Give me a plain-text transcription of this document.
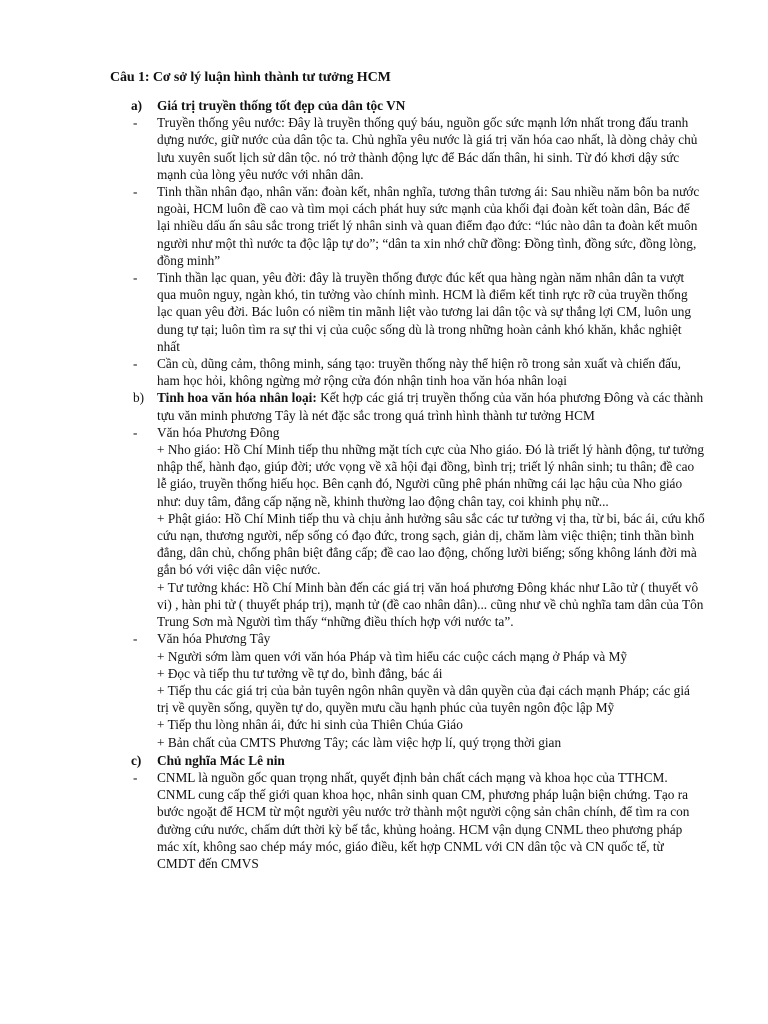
Câu 1: Cơ sở lý luận hình thành tư tưởng HCM
a)	Giá trị truyền thống tốt đẹp của dân tộc VN
-	Truyền thống yêu nước: Đây là truyền thống quý báu, nguồn gốc sức mạnh lớn nhất trong đấu tranh dựng nước, giữ nước của dân tộc ta. Chủ nghĩa yêu nước là giá trị văn hóa cao nhất, là dòng chảy chủ lưu xuyên suốt lịch sử dân tộc. nó trở thành động lực để Bác dấn thân, hi sinh. Từ đó khơi dậy sức mạnh của lòng yêu nước với nhân dân.
-	Tinh thần nhân đạo, nhân văn: đoàn kết, nhân nghĩa, tương thân tương ái: Sau nhiều năm bôn ba nước ngoài, HCM luôn đề cao và tìm mọi cách phát huy sức mạnh của khối đại đoàn kết toàn dân, Bác để lại nhiều dấu ấn sâu sắc trong triết lý nhân sinh và quan điểm đạo đức: “lúc nào dân ta đoàn kết muôn người như một thì nước ta độc lập tự do”; “dân ta xin nhớ chữ đồng: Đồng tình, đồng sức, đồng lòng, đồng minh”
-	Tinh thần lạc quan, yêu đời: đây là truyền thống được đúc kết qua hàng ngàn năm nhân dân ta vượt qua muôn nguy, ngàn khó, tin tưởng vào chính mình. HCM là điểm kết tinh rực rỡ của truyền thống lạc quan yêu đời. Bác luôn có niềm tin mãnh liệt vào tương lai dân tộc và sự thắng lợi CM, luôn ung dung tự tại; luôn tìm ra sự thi vị của cuộc sống dù là trong những hoàn cảnh khó khăn, khắc nghiệt nhất
-	Cần cù, dũng cảm, thông minh, sáng tạo: truyền thống này thể hiện rõ trong sản xuất và chiến đấu, ham học hỏi, không ngừng mở rộng cửa đón nhận tinh hoa văn hóa nhân loại
b) Tinh hoa văn hóa nhân loại: Kết hợp các giá trị truyền thống của văn hóa phương Đông và các thành tựu văn minh phương Tây là nét đặc sắc trong quá trình hình thành tư tưởng HCM
-	Văn hóa Phương Đông
+ Nho giáo: Hồ Chí Minh tiếp thu những mặt tích cực của Nho giáo. Đó là triết lý hành động, tư tưởng nhập thế, hành đạo, giúp đời; ước vọng về xã hội đại đồng, bình trị; triết lý nhân sinh; tu thân; đề cao lễ giáo, truyền thống hiếu học. Bên cạnh đó, Người cũng phê phán những cái lạc hậu của Nho giáo như: duy tâm, đẳng cấp nặng nề, khinh thường lao động chân tay, coi khinh phụ nữ...
+ Phật giáo: Hồ Chí Minh tiếp thu và chịu ảnh hưởng sâu sắc các tư tưởng vị tha, từ bi, bác ái, cứu khổ cứu nạn, thương người, nếp sống có đạo đức, trong sạch, giản dị, chăm làm việc thiện; tinh thần bình đẳng, dân chủ, chống phân biệt đẳng cấp; đề cao lao động, chống lười biếng; sống không lánh đời mà gắn bó với việc dân việc nước.
+ Tư tưởng khác: Hồ Chí Minh bàn đến các giá trị văn hoá phương Đông khác như Lão tử ( thuyết vô vi) , hàn phi tử ( thuyết pháp trị), mạnh tử (đề cao nhân dân)... cũng như về chủ nghĩa tam dân của Tôn Trung Sơn mà Người tìm thấy “những điều thích hợp với nước ta”.
-	Văn hóa Phương Tây
+ Người sớm làm quen với văn hóa Pháp và tìm hiểu các cuộc cách mạng ở Pháp và Mỹ
+ Đọc và tiếp thu tư tưởng về tự do, bình đẳng, bác ái
+ Tiếp thu các giá trị của bản tuyên ngôn nhân quyền và dân quyền của đại cách mạnh Pháp; các giá trị về quyền sống, quyền tự do, quyền mưu cầu hạnh phúc của tuyên ngôn độc lập Mỹ
+ Tiếp thu lòng nhân ái, đức hi sinh của Thiên Chúa Giáo
+ Bản chất của CMTS Phương Tây; các làm việc hợp lí, quý trọng thời gian
c)	Chủ nghĩa Mác Lê nin
-	CNML là nguồn gốc quan trọng nhất, quyết định bản chất cách mạng và khoa học của TTHCM. CNML cung cấp thế giới quan khoa học, nhân sinh quan CM, phương pháp luận biện chứng. Tạo ra bước ngoặt để HCM từ một người yêu nước trở thành một người cộng sản chân chính, để tìm ra con đường cứu nước, chấm dứt thời kỳ bế tắc, khủng hoảng. HCM vận dụng CNML theo phương pháp mác xít, không sao chép máy móc, giáo điều, kết hợp CNML với CN dân tộc và CN quốc tế, từ CMDT đến CMVS
